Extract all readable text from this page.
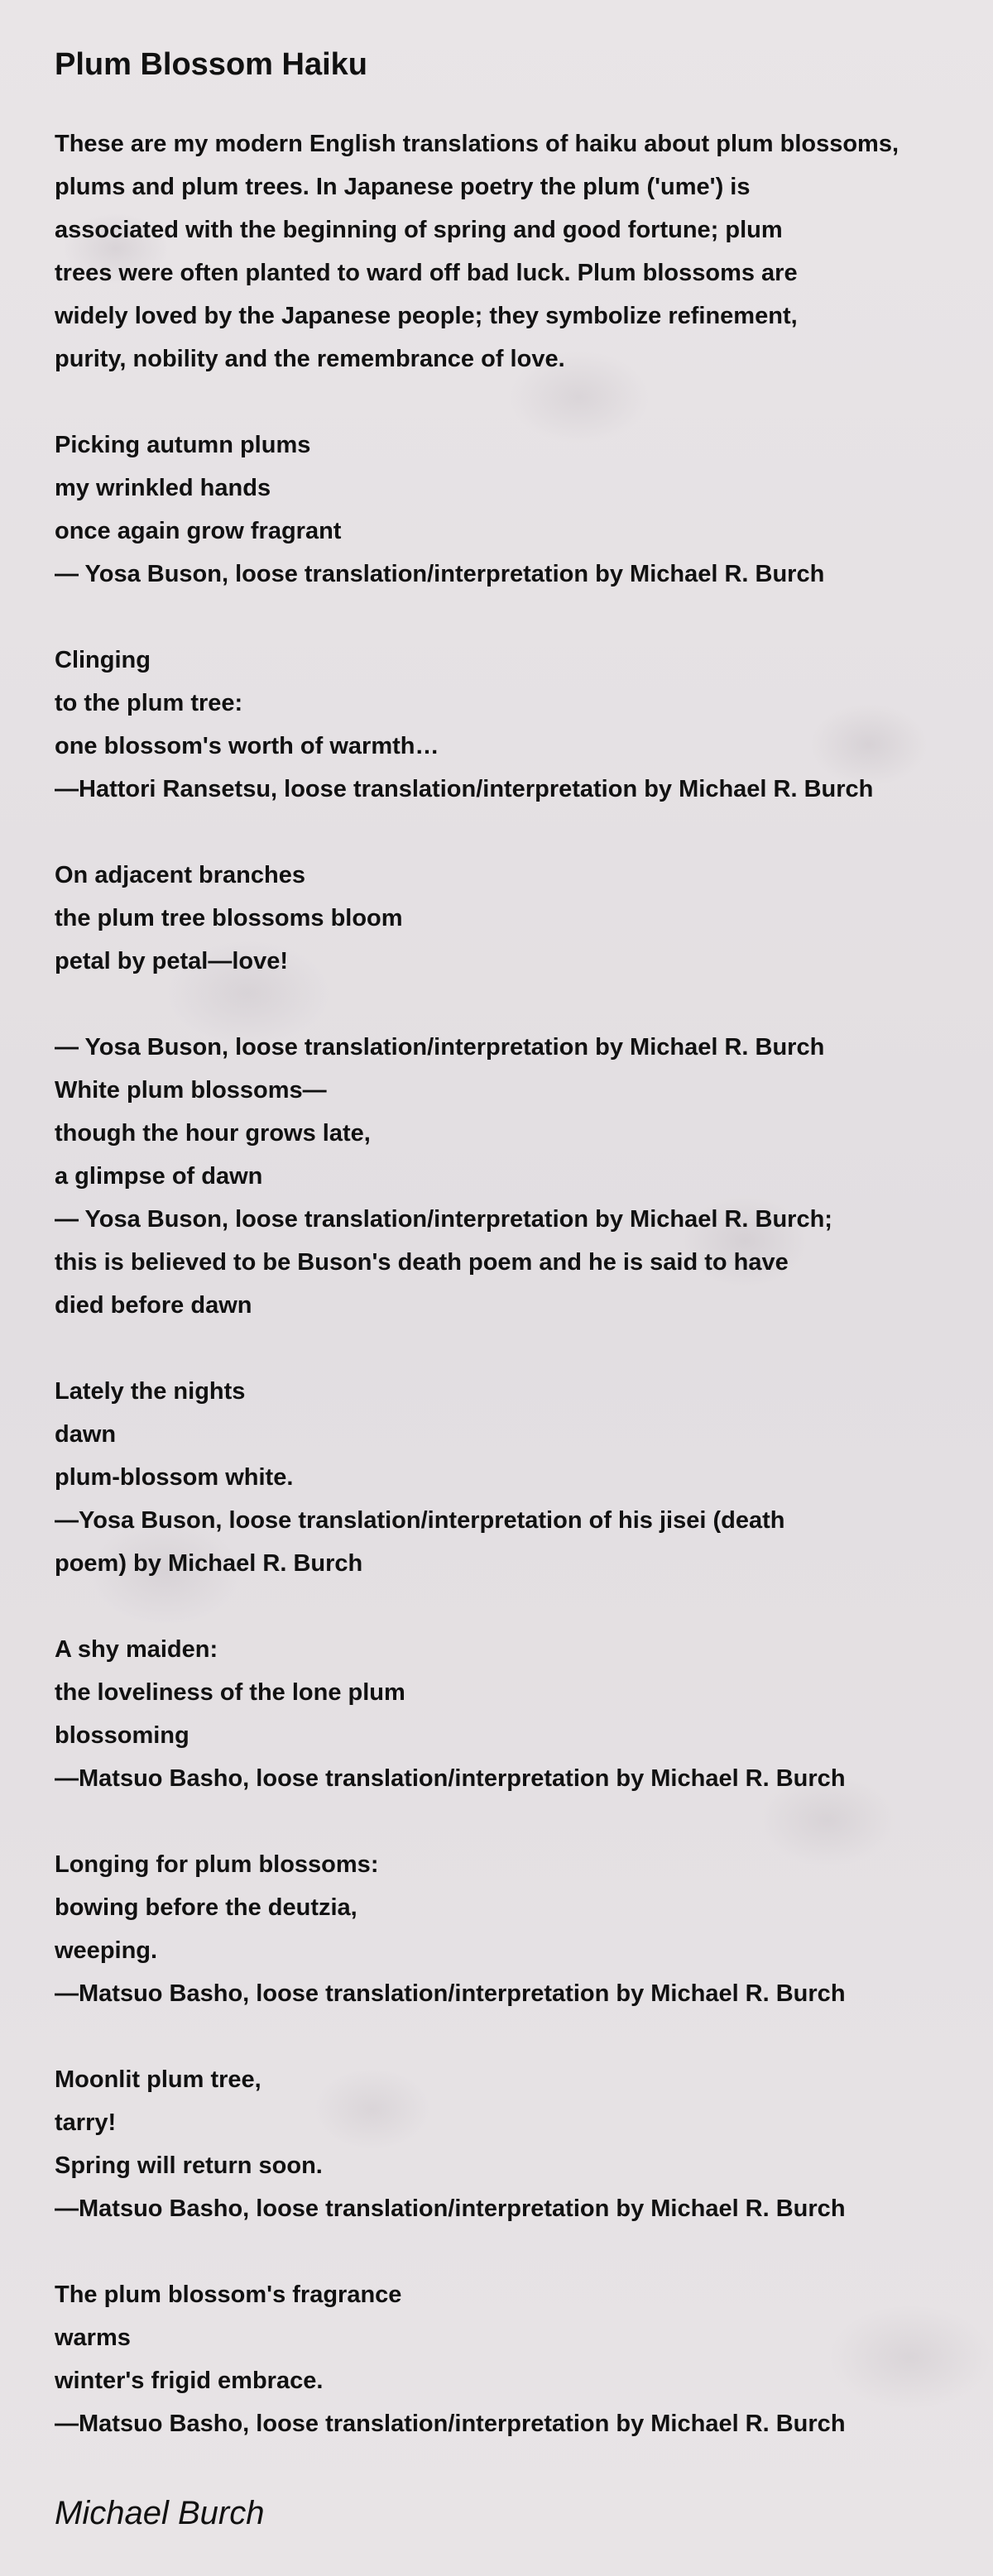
Plum Blossom Haiku
These are my modern English translations of haiku about plum blossoms,
plums and plum trees. In Japanese poetry the plum ('ume') is
associated with the beginning of spring and good fortune; plum
trees were often planted to ward off bad luck. Plum blossoms are
widely loved by the Japanese people; they symbolize refinement,
purity, nobility and the remembrance of love.
Picking autumn plums
my wrinkled hands
once again grow fragrant
— Yosa Buson, loose translation/interpretation by Michael R. Burch
Clinging
to the plum tree:
one blossom's worth of warmth…
—Hattori Ransetsu, loose translation/interpretation by Michael R. Burch
On adjacent branches
the plum tree blossoms bloom
petal by petal—love!
— Yosa Buson, loose translation/interpretation by Michael R. Burch
White plum blossoms—
though the hour grows late,
a glimpse of dawn
— Yosa Buson, loose translation/interpretation by Michael R. Burch;
this is believed to be Buson's death poem and he is said to have
died before dawn
Lately the nights
dawn
plum-blossom white.
—Yosa Buson, loose translation/interpretation of his jisei (death
poem) by Michael R. Burch
A shy maiden:
the loveliness of the lone plum
blossoming
—Matsuo Basho, loose translation/interpretation by Michael R. Burch
Longing for plum blossoms:
bowing before the deutzia,
weeping.
—Matsuo Basho, loose translation/interpretation by Michael R. Burch
Moonlit plum tree,
tarry!
Spring will return soon.
—Matsuo Basho, loose translation/interpretation by Michael R. Burch
The plum blossom's fragrance
warms
winter's frigid embrace.
—Matsuo Basho, loose translation/interpretation by Michael R. Burch
Michael Burch
